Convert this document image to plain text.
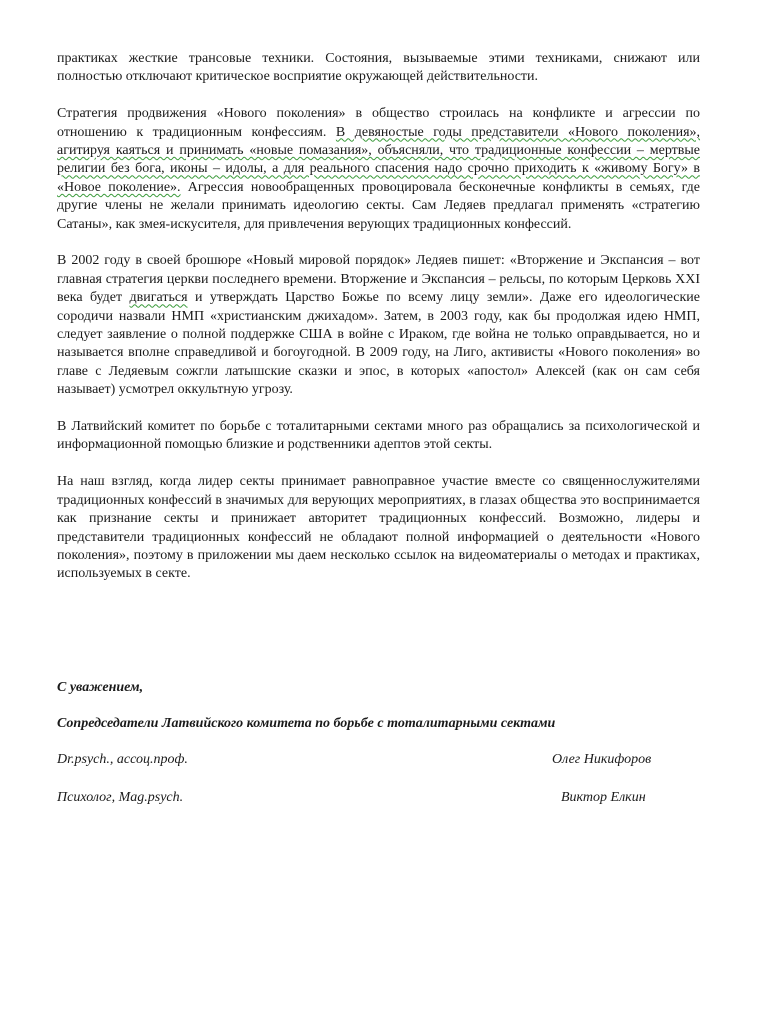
практиках жесткие трансовые техники. Состояния, вызываемые этими техниками, снижают или полностью отключают критическое восприятие окружающей действительности.

Стратегия продвижения «Нового поколения» в общество строилась на конфликте и агрессии по отношению к традиционным конфессиям. В девяностые годы представители «Нового поколения», агитируя каяться и принимать «новые помазания», объясняли, что традиционные конфессии – мертвые религии без бога, иконы – идолы, а для реального спасения надо срочно приходить к «живому Богу» в «Новое поколение». Агрессия новообращенных провоцировала бесконечные конфликты в семьях, где другие члены не желали принимать идеологию секты. Сам Ледяев предлагал применять «стратегию Сатаны», как змея-искусителя, для привлечения верующих традиционных конфессий.

В 2002 году в своей брошюре «Новый мировой порядок» Ледяев пишет: «Вторжение и Экспансия – вот главная стратегия церкви последнего времени. Вторжение и Экспансия – рельсы, по которым Церковь XXI века будет двигаться и утверждать Царство Божье по всему лицу земли». Даже его идеологические сородичи назвали НМП «христианским джихадом». Затем, в 2003 году, как бы продолжая идею НМП, следует заявление о полной поддержке США в войне с Ираком, где война не только оправдывается, но и называется вполне справедливой и богоугодной. В 2009 году, на Лиго, активисты «Нового поколения» во главе с Ледяевым сожгли латышские сказки и эпос, в которых «апостол» Алексей (как он сам себя называет) усмотрел оккультную угрозу.

В Латвийский комитет по борьбе с тоталитарными сектами много раз обращались за психологической и информационной помощью близкие и родственники адептов этой секты.

На наш взгляд, когда лидер секты принимает равноправное участие вместе со священнослужителями традиционных конфессий в значимых для верующих мероприятиях, в глазах общества это воспринимается как признание секты и принижает авторитет традиционных конфессий. Возможно, лидеры и представители традиционных конфессий не обладают полной информацией о деятельности «Нового поколения», поэтому в приложении мы даем несколько ссылок на видеоматериалы о методах и практиках, используемых в секте.

С уважением,

Сопредседатели Латвийского комитета по борьбе с тоталитарными сектами

Dr.psych., ассоц.проф.	Олег Никифоров
Психолог, Mag.psych.	Виктор Елкин
